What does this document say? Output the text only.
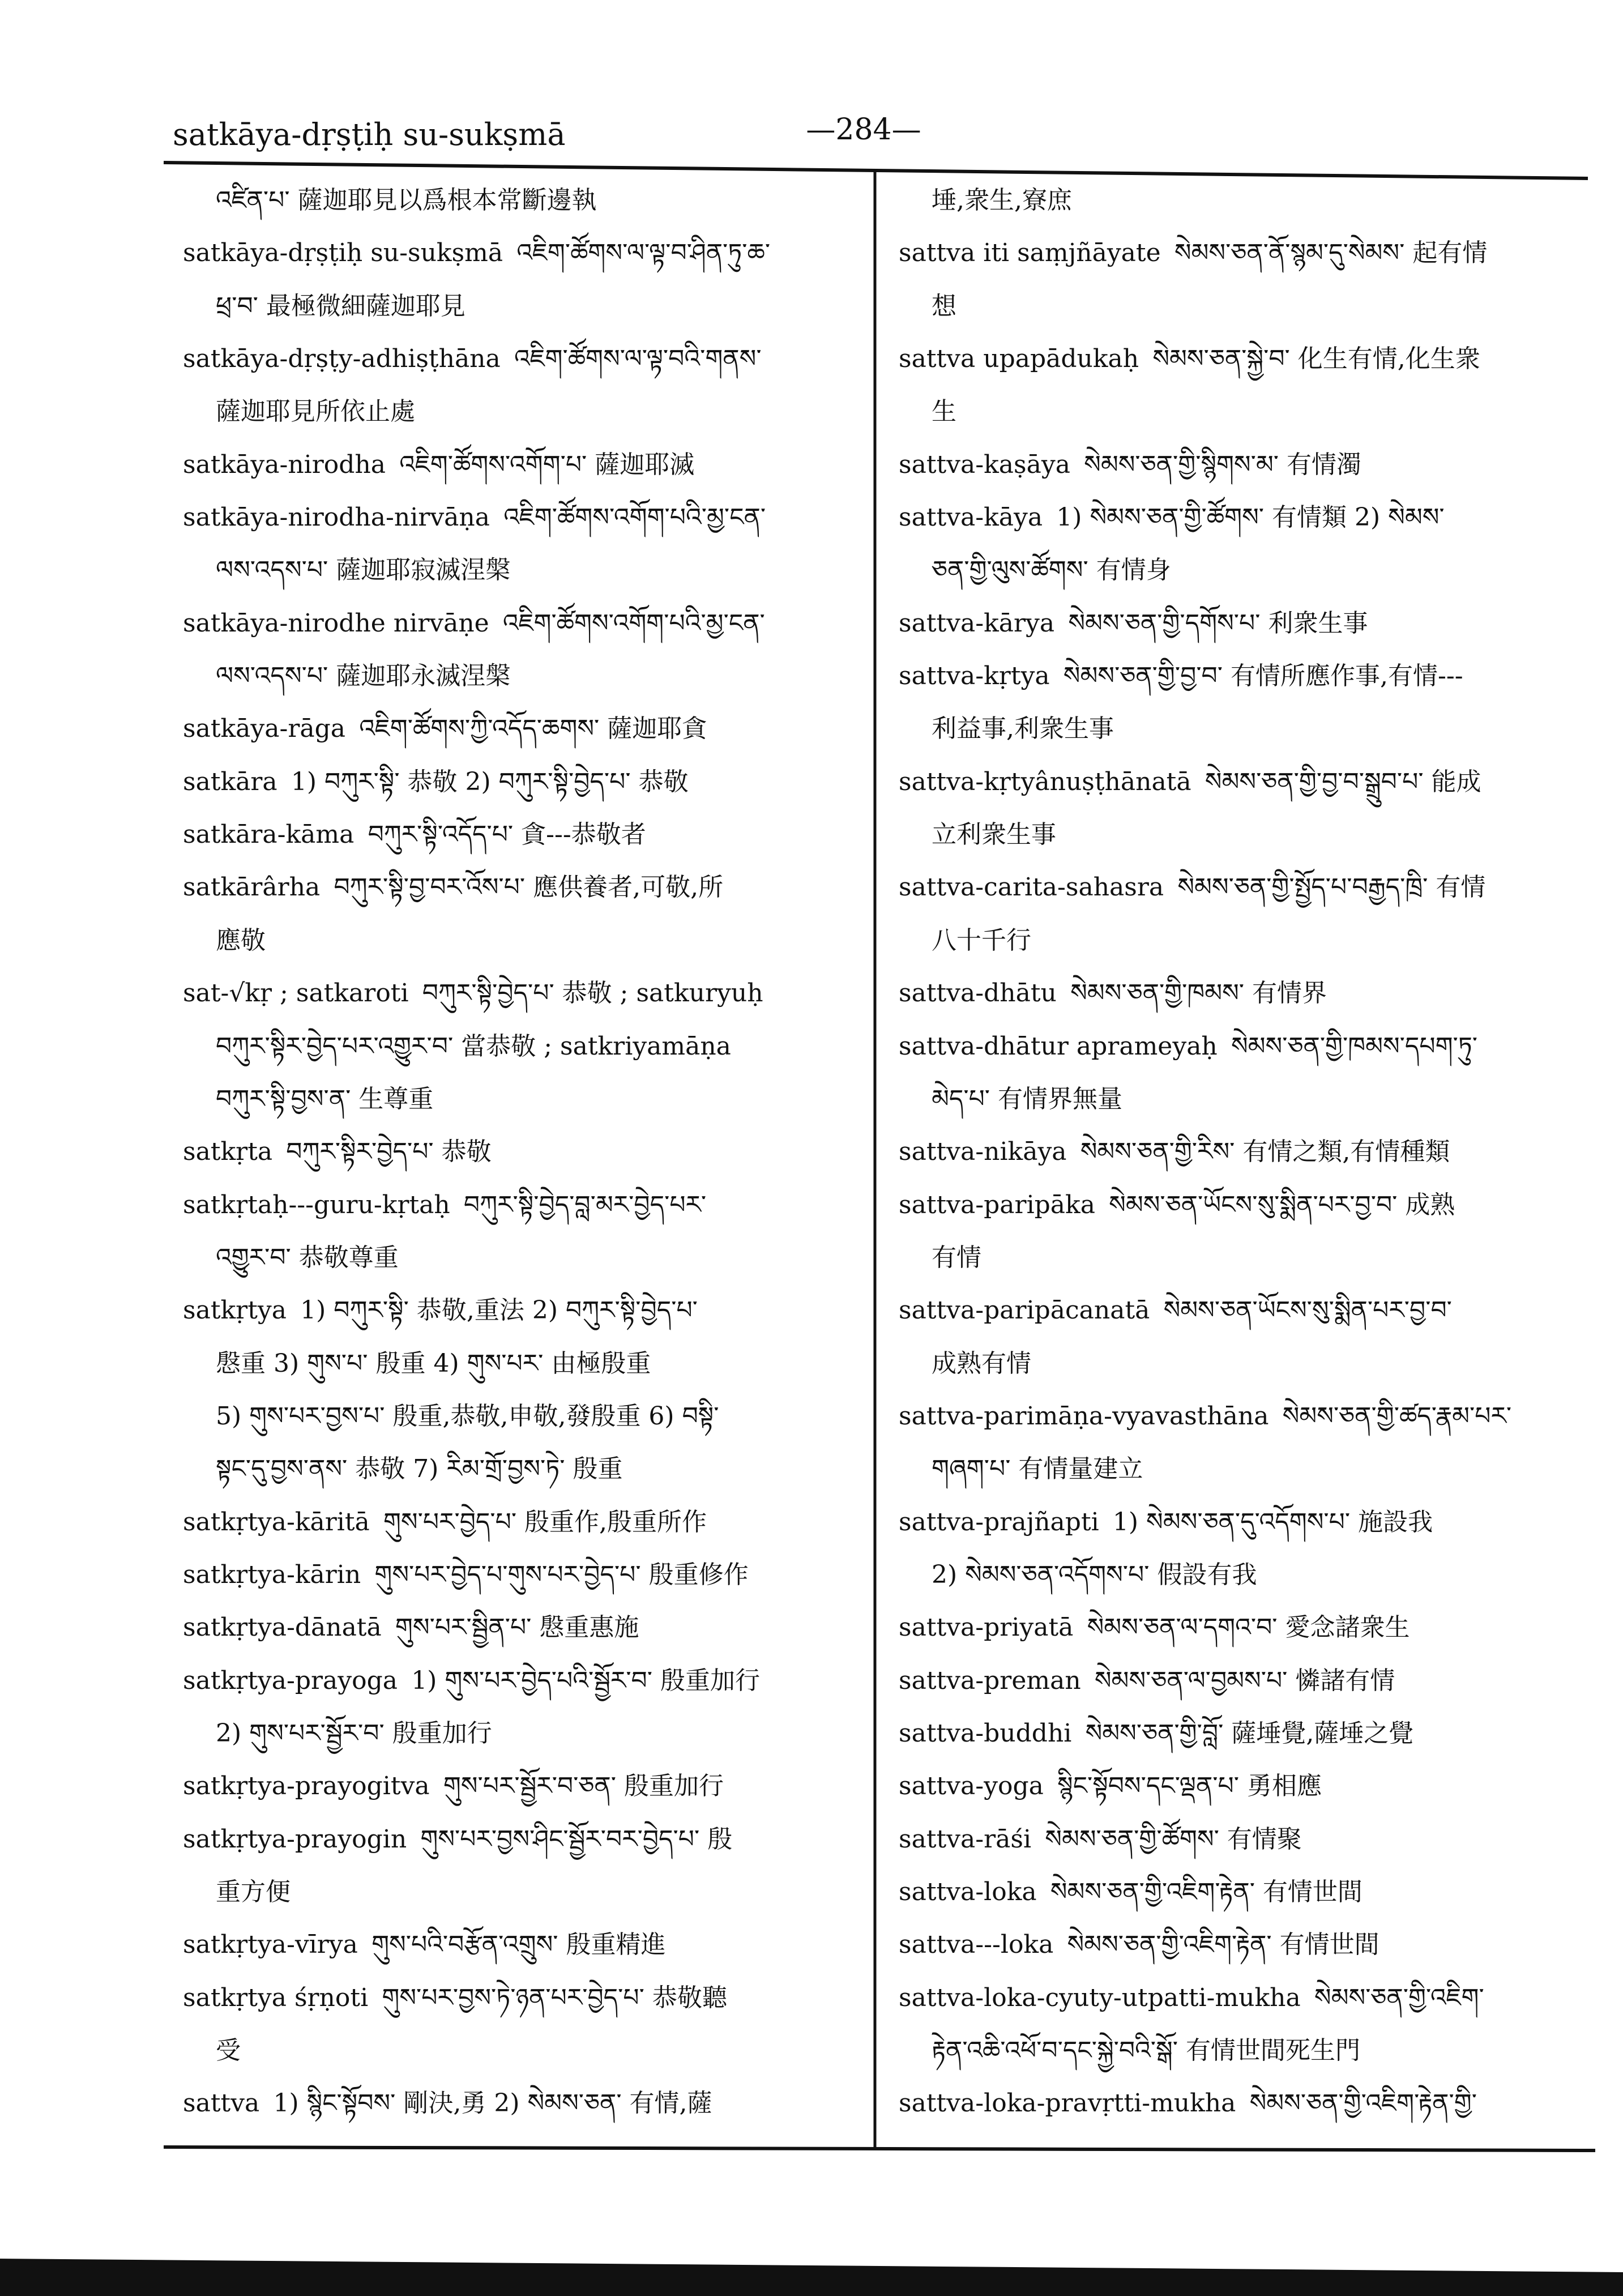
satkāya-dṛṣṭiḥ su-sukṣmā	—284—
འཛིན་པ་ 薩迦耶見以爲根本常斷邊執
satkāya-dṛṣṭiḥ su-sukṣmā འཇིག་ཚོགས་ལ་ལྟ་བ་ཤིན་ཏུ་ཆ་
ཕྲ་བ་ 最極微細薩迦耶見
satkāya-dṛṣṭy-adhiṣṭhāna འཇིག་ཚོགས་ལ་ལྟ་བའི་གནས་
薩迦耶見所依止處
satkāya-nirodha འཇིག་ཚོགས་འགོག་པ་ 薩迦耶滅
satkāya-nirodha-nirvāṇa འཇིག་ཚོགས་འགོག་པའི་མྱ་ངན་
ལས་འདས་པ་ 薩迦耶寂滅涅槃
satkāya-nirodhe nirvāṇe འཇིག་ཚོགས་འགོག་པའི་མྱ་ངན་
ལས་འདས་པ་ 薩迦耶永滅涅槃
satkāya-rāga འཇིག་ཚོགས་ཀྱི་འདོད་ཆགས་ 薩迦耶貪
satkāra 1) བཀུར་སྟི་ 恭敬 2) བཀུར་སྟི་བྱེད་པ་ 恭敬
satkāra-kāma བཀུར་སྟི་འདོད་པ་ 貪---恭敬者
satkārârha བཀུར་སྟི་བྱ་བར་འོས་པ་ 應供養者,可敬,所
應敬
sat-√kṛ ; satkaroti བཀུར་སྟི་བྱེད་པ་ 恭敬 ; satkuryuḥ
བཀུར་སྟིར་བྱེད་པར་འགྱུར་བ་ 當恭敬 ; satkriyamāṇa
བཀུར་སྟི་བྱས་ན་ 生尊重
satkṛta བཀུར་སྟིར་བྱེད་པ་ 恭敬
satkṛtaḥ---guru-kṛtaḥ བཀུར་སྟི་བྱེད་བླ་མར་བྱེད་པར་
འགྱུར་བ་ 恭敬尊重
satkṛtya 1) བཀུར་སྟི་ 恭敬,重法 2) བཀུར་སྟི་བྱེད་པ་
慇重 3) གུས་པ་ 殷重 4) གུས་པར་ 由極殷重
5) གུས་པར་བྱས་པ་ 殷重,恭敬,申敬,發殷重 6) བསྟི་
སྟང་དུ་བྱས་ནས་ 恭敬 7) རིམ་གྲོ་བྱས་ཏེ་ 殷重
satkṛtya-kāritā གུས་པར་བྱེད་པ་ 殷重作,殷重所作
satkṛtya-kārin གུས་པར་བྱེད་པ་གུས་པར་བྱེད་པ་ 殷重修作
satkṛtya-dānatā གུས་པར་སྦྱིན་པ་ 慇重惠施
satkṛtya-prayoga 1) གུས་པར་བྱེད་པའི་སྦྱོར་བ་ 殷重加行
2) གུས་པར་སྦྱོར་བ་ 殷重加行
satkṛtya-prayogitva གུས་པར་སྦྱོར་བ་ཅན་ 殷重加行
satkṛtya-prayogin གུས་པར་བྱས་ཤིང་སྦྱོར་བར་བྱེད་པ་ 殷
重方便
satkṛtya-vīrya གུས་པའི་བརྩོན་འགྲུས་ 殷重精進
satkṛtya śṛṇoti གུས་པར་བྱས་ཏེ་ཉན་པར་བྱེད་པ་ 恭敬聽
受
sattva 1) སྙིང་སྟོབས་ 剛決,勇 2) སེམས་ཅན་ 有情,薩
埵,衆生,寮庶
sattva iti saṃjñāyate སེམས་ཅན་ནོ་སྙམ་དུ་སེམས་ 起有情
想
sattva upapādukaḥ སེམས་ཅན་སྐྱེ་བ་ 化生有情,化生衆
生
sattva-kaṣāya སེམས་ཅན་གྱི་སྙིགས་མ་ 有情濁
sattva-kāya 1) སེམས་ཅན་གྱི་ཚོགས་ 有情類 2) སེམས་
ཅན་གྱི་ལུས་ཚོགས་ 有情身
sattva-kārya སེམས་ཅན་གྱི་དགོས་པ་ 利衆生事
sattva-kṛtya སེམས་ཅན་གྱི་བྱ་བ་ 有情所應作事,有情---
利益事,利衆生事
sattva-kṛtyânuṣṭhānatā སེམས་ཅན་གྱི་བྱ་བ་སྒྲུབ་པ་ 能成
立利衆生事
sattva-carita-sahasra སེམས་ཅན་གྱི་སྤྱོད་པ་བརྒྱད་ཁྲི་ 有情
八十千行
sattva-dhātu སེམས་ཅན་གྱི་ཁམས་ 有情界
sattva-dhātur aprameyaḥ སེམས་ཅན་གྱི་ཁམས་དཔག་ཏུ་
མེད་པ་ 有情界無量
sattva-nikāya སེམས་ཅན་གྱི་རིས་ 有情之類,有情種類
sattva-paripāka སེམས་ཅན་ཡོངས་སུ་སྨིན་པར་བྱ་བ་ 成熟
有情
sattva-paripācanatā སེམས་ཅན་ཡོངས་སུ་སྨིན་པར་བྱ་བ་
成熟有情
sattva-parimāṇa-vyavasthāna སེམས་ཅན་གྱི་ཚད་རྣམ་པར་
གཞག་པ་ 有情量建立
sattva-prajñapti 1) སེམས་ཅན་དུ་འདོགས་པ་ 施設我
2) སེམས་ཅན་འདོགས་པ་ 假設有我
sattva-priyatā སེམས་ཅན་ལ་དགའ་བ་ 愛念諸衆生
sattva-preman སེམས་ཅན་ལ་བྱམས་པ་ 憐諸有情
sattva-buddhi སེམས་ཅན་གྱི་བློ་ 薩埵覺,薩埵之覺
sattva-yoga སྙིང་སྟོབས་དང་ལྡན་པ་ 勇相應
sattva-rāśi སེམས་ཅན་གྱི་ཚོགས་ 有情聚
sattva-loka སེམས་ཅན་གྱི་འཇིག་རྟེན་ 有情世間
sattva---loka སེམས་ཅན་གྱི་འཇིག་རྟེན་ 有情世間
sattva-loka-cyuty-utpatti-mukha སེམས་ཅན་གྱི་འཇིག་
རྟེན་འཆི་འཕོ་བ་དང་སྐྱེ་བའི་སྒོ་ 有情世間死生門
sattva-loka-pravṛtti-mukha སེམས་ཅན་གྱི་འཇིག་རྟེན་གྱི་
